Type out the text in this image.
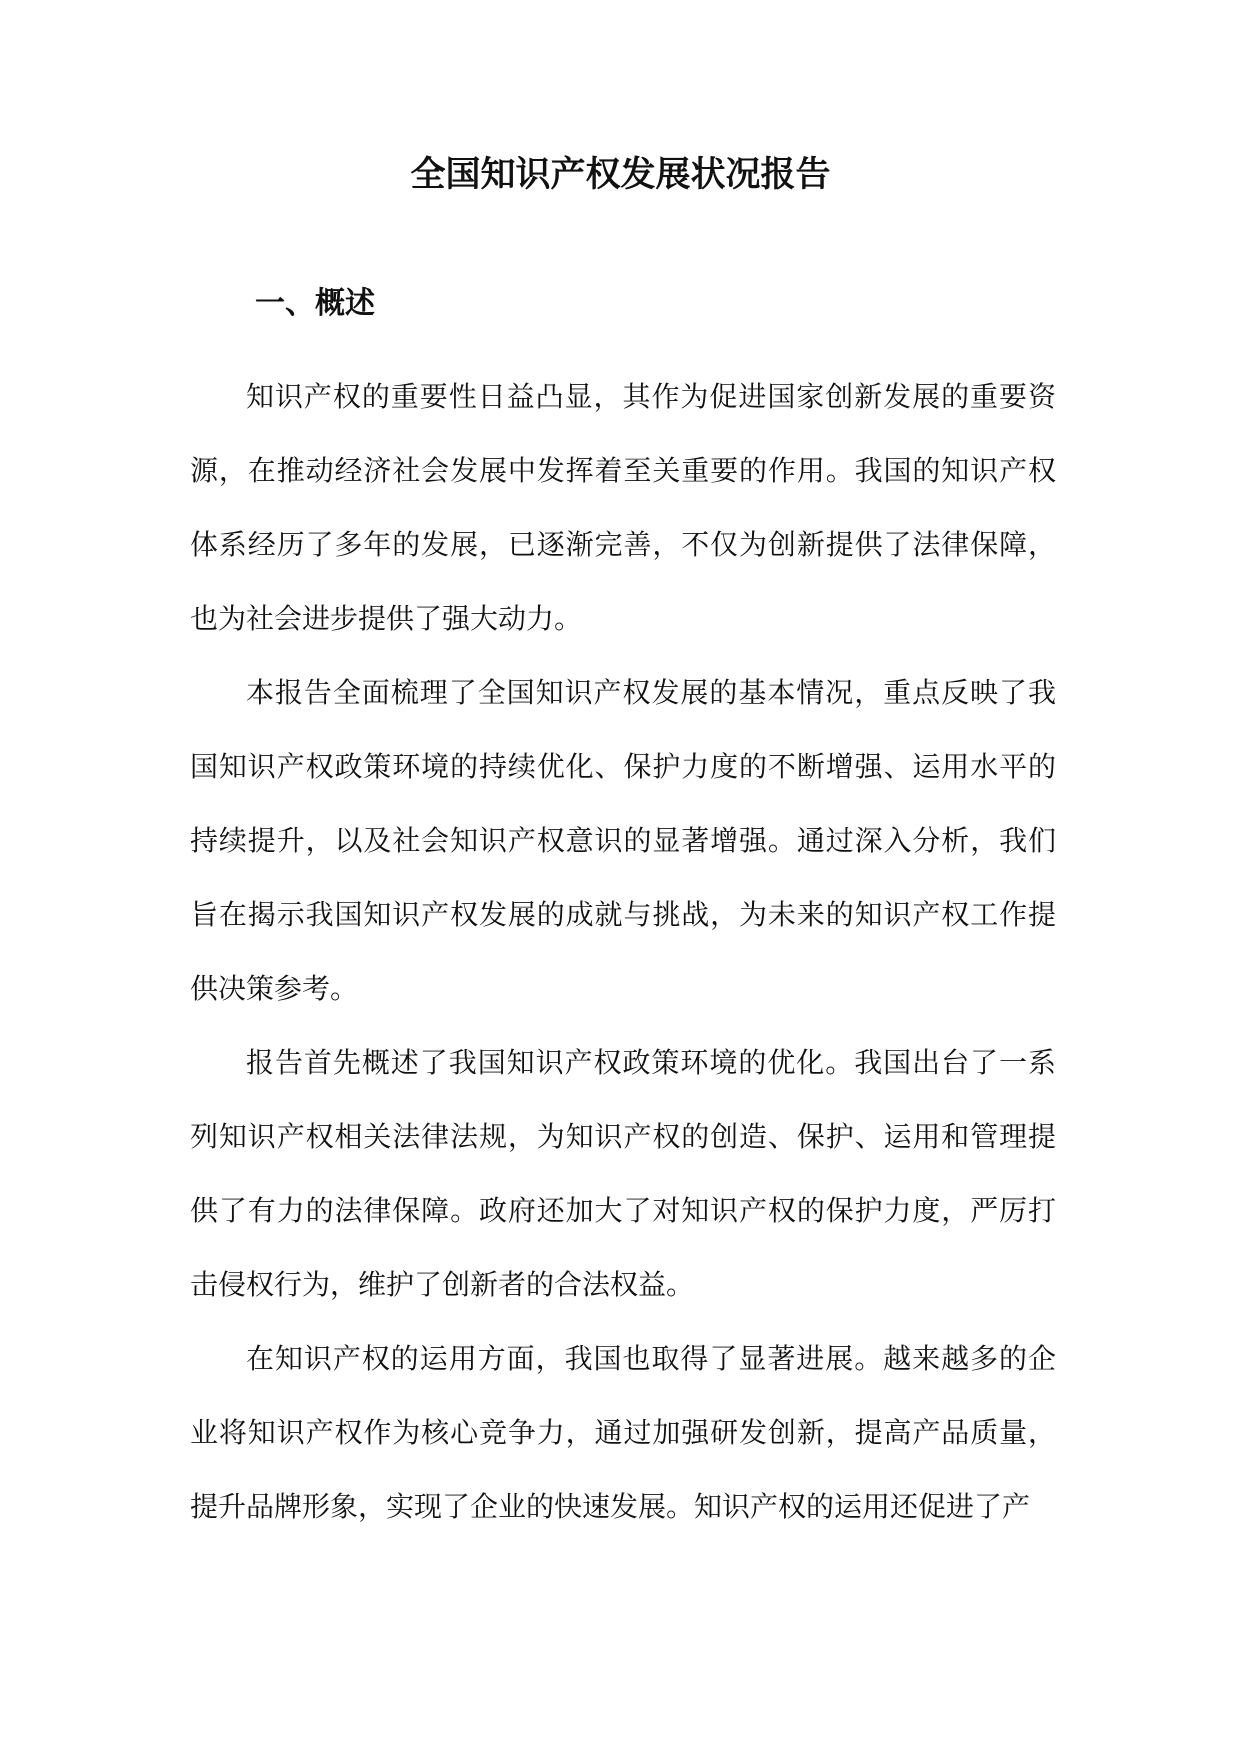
全国知识产权发展状况报告
一、概述

知识产权的重要性日益凸显，其作为促进国家创新发展的重要资源，在推动经济社会发展中发挥着至关重要的作用。我国的知识产权体系经历了多年的发展，已逐渐完善，不仅为创新提供了法律保障，也为社会进步提供了强大动力。

本报告全面梳理了全国知识产权发展的基本情况，重点反映了我国知识产权政策环境的持续优化、保护力度的不断增强、运用水平的持续提升，以及社会知识产权意识的显著增强。通过深入分析，我们旨在揭示我国知识产权发展的成就与挑战，为未来的知识产权工作提供决策参考。

报告首先概述了我国知识产权政策环境的优化。我国出台了一系列知识产权相关法律法规，为知识产权的创造、保护、运用和管理提供了有力的法律保障。政府还加大了对知识产权的保护力度，严厉打击侵权行为，维护了创新者的合法权益。

在知识产权的运用方面，我国也取得了显著进展。越来越多的企业将知识产权作为核心竞争力，通过加强研发创新，提高产品质量，提升品牌形象，实现了企业的快速发展。知识产权的运用还促进了产
